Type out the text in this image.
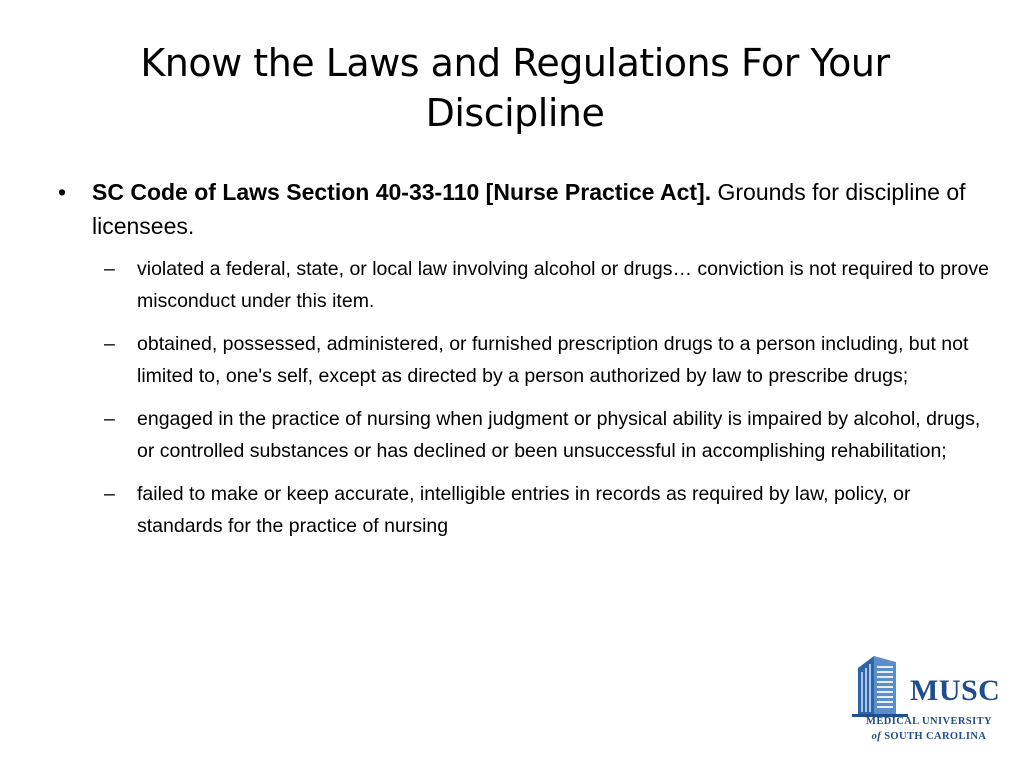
Know the Laws and Regulations For Your Discipline
• SC Code of Laws Section 40-33-110 [Nurse Practice Act]. Grounds for discipline of licensees.
– violated a federal, state, or local law involving alcohol or drugs… conviction is not required to prove misconduct under this item.
– obtained, possessed, administered, or furnished prescription drugs to a person including, but not limited to, one's self, except as directed by a person authorized by law to prescribe drugs;
– engaged in the practice of nursing when judgment or physical ability is impaired by alcohol, drugs, or controlled substances or has declined or been unsuccessful in accomplishing rehabilitation;
– failed to make or keep accurate, intelligible entries in records as required by law, policy, or standards for the practice of nursing
MUSC
MEDICAL UNIVERSITY
of SOUTH CAROLINA
